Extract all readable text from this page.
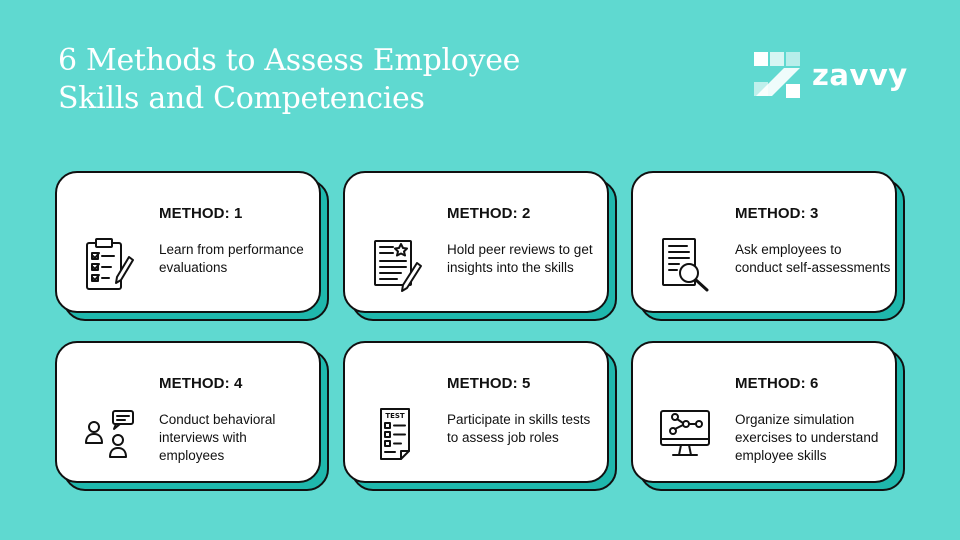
6 Methods to Assess Employee
Skills and Competencies
zavvy
METHOD: 1
Learn from performance evaluations
METHOD: 2
Hold peer reviews to get insights into the skills
METHOD: 3
Ask employees to conduct self-assessments
METHOD: 4
Conduct behavioral interviews with employees
TEST
METHOD: 5
Participate in skills tests to assess job roles
METHOD: 6
Organize simulation exercises to understand employee skills
